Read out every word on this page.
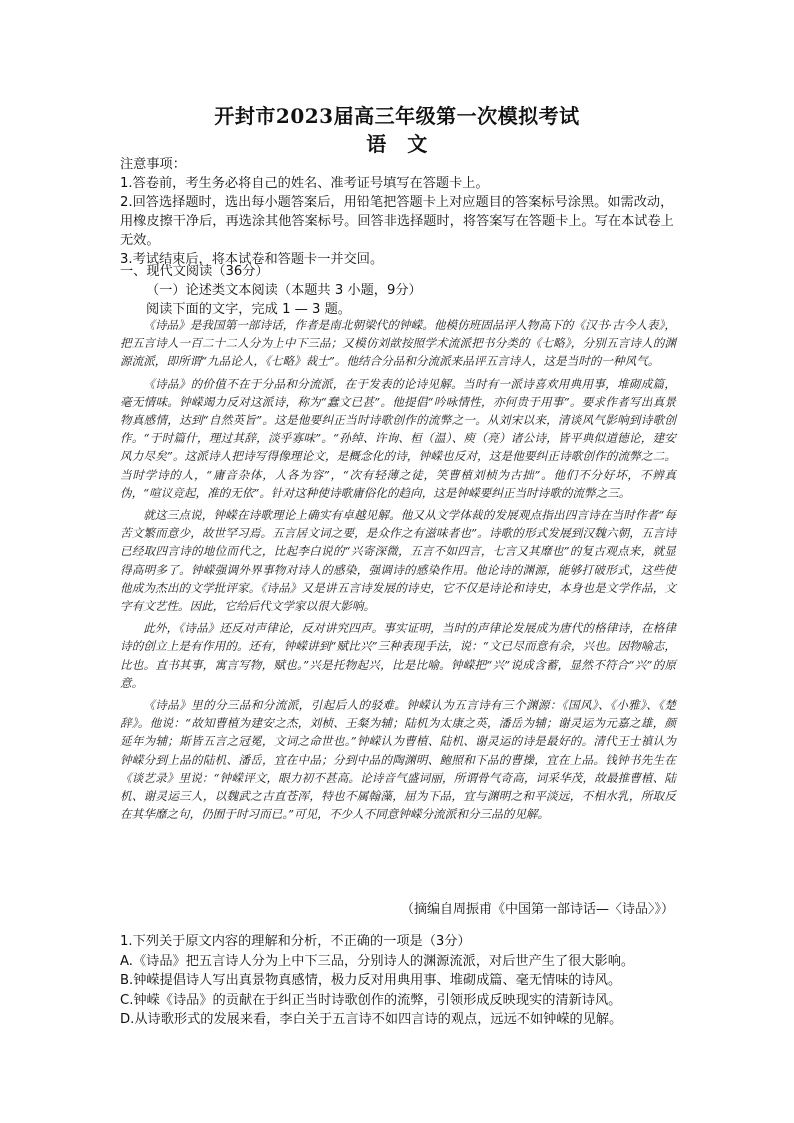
开封市2023届高三年级第一次模拟考试
语　文

注意事项：

1.答卷前，考生务必将自己的姓名、准考证号填写在答题卡上。

2.回答选择题时，选出每小题答案后，用铅笔把答题卡上对应题目的答案标号涂黑。如需改动，用橡皮擦干净后，再选涂其他答案标号。回答非选择题时，将答案写在答题卡上。写在本试卷上无效。

3.考试结束后，将本试卷和答题卡一并交回。

一、现代文阅读（36分）

（一）论述类文本阅读（本题共 3 小题，9分）

阅读下面的文字，完成 1 — 3 题。

《诗品》是我国第一部诗话，作者是南北朝梁代的钟嵘。他模仿班固品评人物高下的《汉书·古今人表》，把五言诗人一百二十二人分为上中下三品；又模仿刘歆按照学术流派把书分类的《七略》，分别五言诗人的渊源流派，即所谓“九品论人，《七略》裁士”。他结合分品和分流派来品评五言诗人，这是当时的一种风气。

《诗品》的价值不在于分品和分流派，在于发表的论诗见解。当时有一派诗喜欢用典用事，堆砌成篇，毫无情味。钟嵘竭力反对这派诗，称为“蠢文已甚”。他提倡“吟咏情性，亦何贵于用事”。要求作者写出真景物真感情，达到“自然英旨”。这是他要纠正当时诗歌创作的流弊之一。从刘宋以来，清谈风气影响到诗歌创作。“于时篇什，理过其辞，淡乎寡味”。“孙绰、许询、桓（温）、庾（亮）诸公诗，皆平典似道德论，建安风力尽矣”。这派诗人把诗写得像理论文，是概念化的诗，钟嵘也反对，这是他要纠正诗歌创作的流弊之二。当时学诗的人，“庸音杂体，人各为容”，“次有轻薄之徒，笑曹植刘桢为古拙”。他们不分好坏，不辨真伪，“喧议竞起，准的无依”。针对这种使诗歌庸俗化的趋向，这是钟嵘要纠正当时诗歌的流弊之三。

就这三点说，钟嵘在诗歌理论上确实有卓越见解。他又从文学体裁的发展观点指出四言诗在当时作者“每苦文繁而意少，故世罕习焉。五言居文词之要，是众作之有滋味者也”。诗歌的形式发展到汉魏六朝，五言诗已经取四言诗的地位而代之，比起李白说的“兴寄深微，五言不如四言，七言又其靡也”的复古观点来，就显得高明多了。钟嵘强调外界事物对诗人的感染，强调诗的感染作用。他论诗的渊源，能够打破形式，这些使他成为杰出的文学批评家。《诗品》又是讲五言诗发展的诗史，它不仅是诗论和诗史，本身也是文学作品，文字有文艺性。因此，它给后代文学家以很大影响。

此外，《诗品》还反对声律论，反对讲究四声。事实证明，当时的声律论发展成为唐代的格律诗，在格律诗的创立上是有作用的。还有，钟嵘讲到“赋比兴”三种表现手法，说：“文已尽而意有余，兴也。因物喻志，比也。直书其事，寓言写物，赋也。”兴是托物起兴，比是比喻。钟嵘把“兴”说成含蓄，显然不符合“兴”的原意。

《诗品》里的分三品和分流派，引起后人的驳难。钟嵘认为五言诗有三个渊源：《国风》、《小雅》、《楚辞》。他说：“故知曹植为建安之杰，刘桢、王粲为辅；陆机为太康之英，潘岳为辅；谢灵运为元嘉之雄，颜延年为辅；斯皆五言之冠冕，文词之命世也。”钟嵘认为曹植、陆机、谢灵运的诗是最好的。清代王士禛认为钟嵘分到上品的陆机、潘岳，宜在中品；分到中品的陶渊明、鲍照和下品的曹操，宜在上品。钱钟书先生在《谈艺录》里说：“钟嵘评文，眼力初不甚高。论诗音气盛词丽，所谓骨气奇高，词采华茂，故最推曹植、陆机、谢灵运三人，以魏武之古直苍浑，特也不属翰藻，屈为下品，宜与渊明之和平淡远，不相水乳，所取反在其华靡之句，仍囿于时习而已。”可见，不少人不同意钟嵘分流派和分三品的见解。

（摘编自周振甫《中国第一部诗话—〈诗品〉》）

1.下列关于原文内容的理解和分析，不正确的一项是（3分）

A.《诗品》把五言诗人分为上中下三品，分别诗人的渊源流派，对后世产生了很大影响。

B.钟嵘提倡诗人写出真景物真感情，极力反对用典用事、堆砌成篇、毫无情味的诗风。

C.钟嵘《诗品》的贡献在于纠正当时诗歌创作的流弊，引领形成反映现实的清新诗风。

D.从诗歌形式的发展来看，李白关于五言诗不如四言诗的观点，远远不如钟嵘的见解。
